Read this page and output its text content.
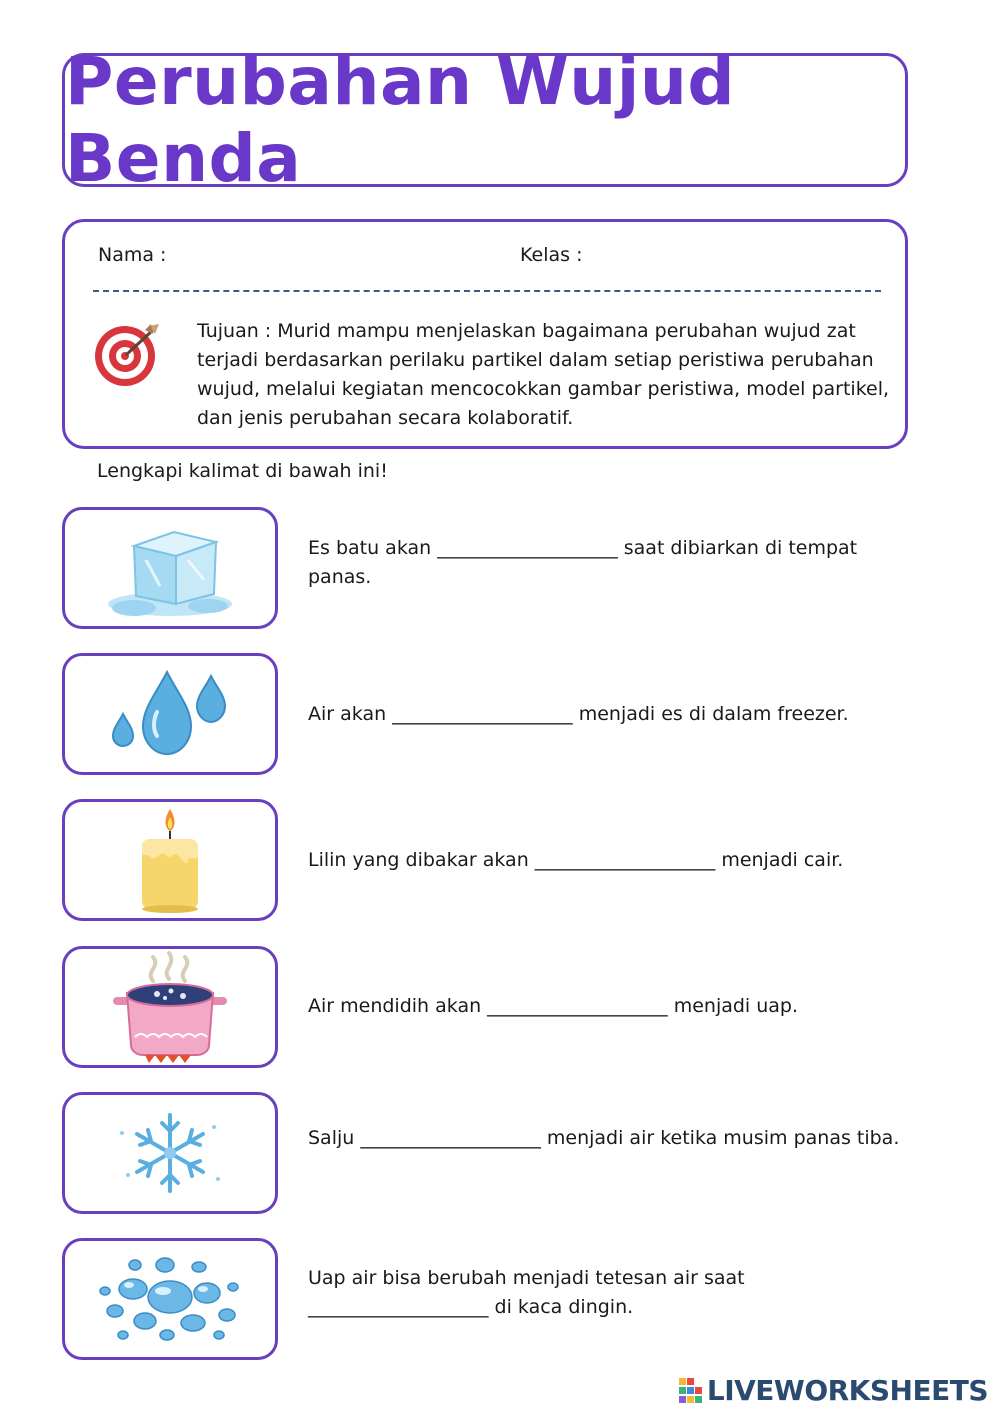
Perubahan Wujud Benda
Nama :	Kelas :
Tujuan : Murid mampu menjelaskan bagaimana perubahan wujud zat terjadi berdasarkan perilaku partikel dalam setiap peristiwa perubahan wujud, melalui kegiatan mencocokkan gambar peristiwa, model partikel, dan jenis perubahan secara kolaboratif.
Lengkapi kalimat di bawah ini!
Es batu akan ___________________ saat dibiarkan di tempat panas.
Air akan ___________________ menjadi es di dalam freezer.
Lilin yang dibakar akan ___________________ menjadi cair.
Air mendidih akan ___________________ menjadi uap.
Salju ___________________ menjadi air ketika musim panas tiba.
Uap air bisa berubah menjadi tetesan air saat ___________________ di kaca dingin.
LIVEWORKSHEETS
